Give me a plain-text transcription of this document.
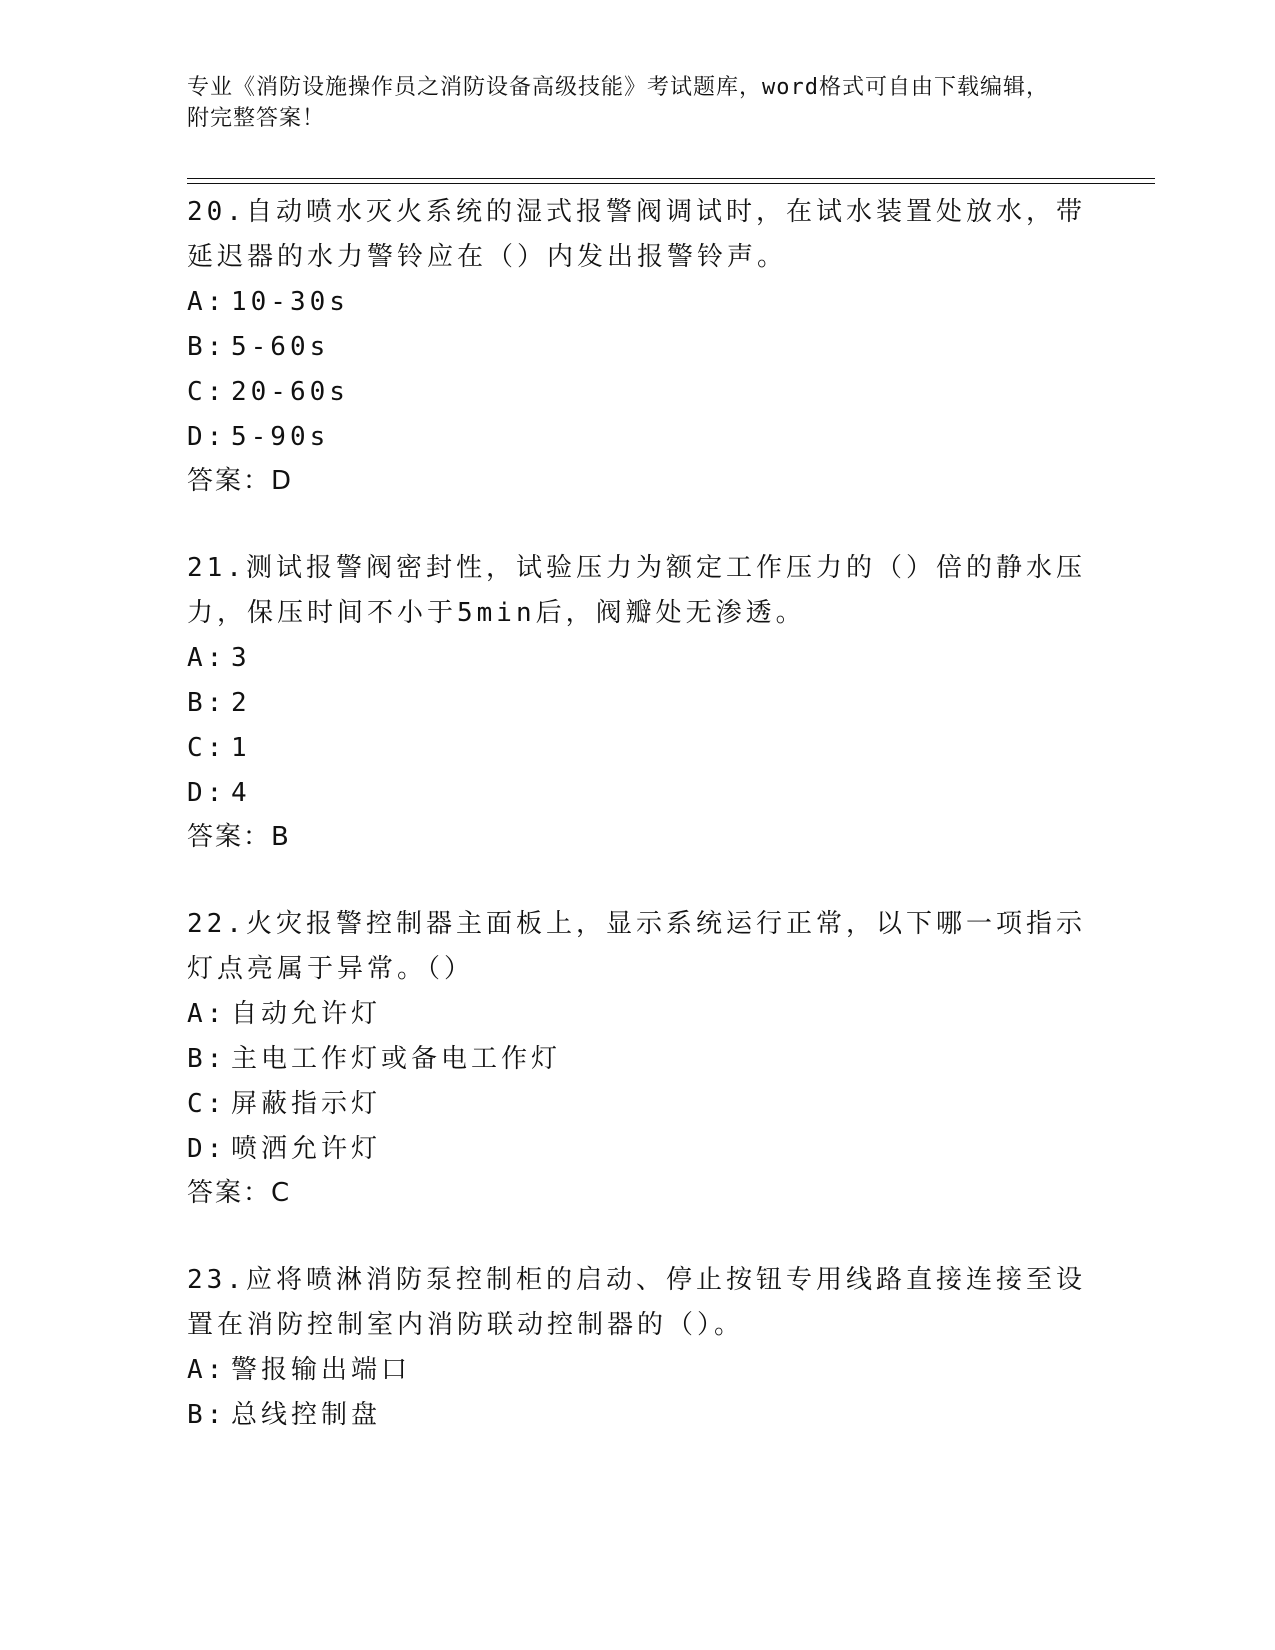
专业《消防设施操作员之消防设备高级技能》考试题库，word格式可自由下载编辑，附完整答案！

20.自动喷水灭火系统的湿式报警阀调试时，在试水装置处放水，带延迟器的水力警铃应在（）内发出报警铃声。

A: 10-30s

B: 5-60s

C: 20-60s

D: 5-90s

答案：D

21.测试报警阀密封性，试验压力为额定工作压力的（）倍的静水压力，保压时间不小于5min后，阀瓣处无渗透。

A: 3

B: 2

C: 1

D: 4

答案：B

22.火灾报警控制器主面板上，显示系统运行正常，以下哪一项指示灯点亮属于异常。（）

A: 自动允许灯

B: 主电工作灯或备电工作灯

C: 屏蔽指示灯

D: 喷洒允许灯

答案：C

23.应将喷淋消防泵控制柜的启动、停止按钮专用线路直接连接至设置在消防控制室内消防联动控制器的（）。

A: 警报输出端口

B: 总线控制盘
